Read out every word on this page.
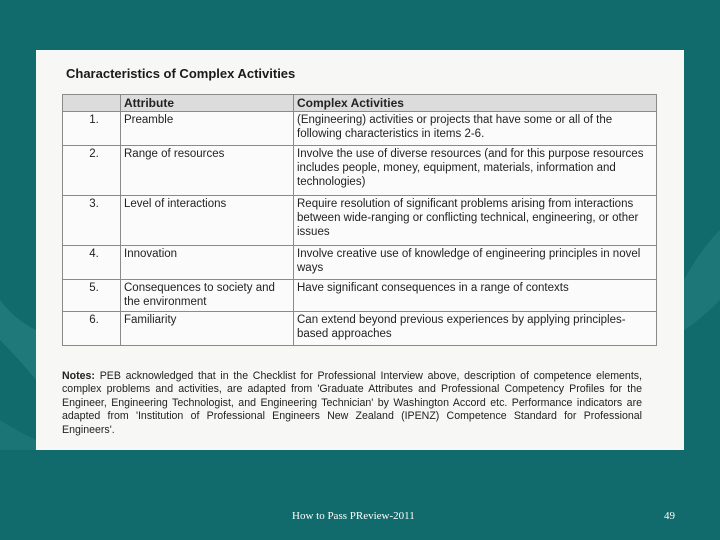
Characteristics of Complex Activities
	Attribute	Complex Activities
1.	Preamble	(Engineering) activities or projects that have some or all of the following characteristics in items 2-6.
2.	Range of resources	Involve the use of diverse resources (and for this purpose resources includes people, money, equipment, materials, information and technologies)
3.	Level of interactions	Require resolution of significant problems arising from interactions between wide-ranging or conflicting technical, engineering, or other issues
4.	Innovation	Involve creative use of knowledge of engineering principles in novel ways
5.	Consequences to society and the environment	Have significant consequences in a range of contexts
6.	Familiarity	Can extend beyond previous experiences by applying principles-based approaches
Notes: PEB acknowledged that in the Checklist for Professional Interview above, description of competence elements, complex problems and activities, are adapted from 'Graduate Attributes and Professional Competency Profiles for the Engineer, Engineering Technologist, and Engineering Technician' by Washington Accord etc. Performance indicators are adapted from 'Institution of Professional Engineers New Zealand (IPENZ) Competence Standard for Professional Engineers'.
How to Pass PReview-2011	49
